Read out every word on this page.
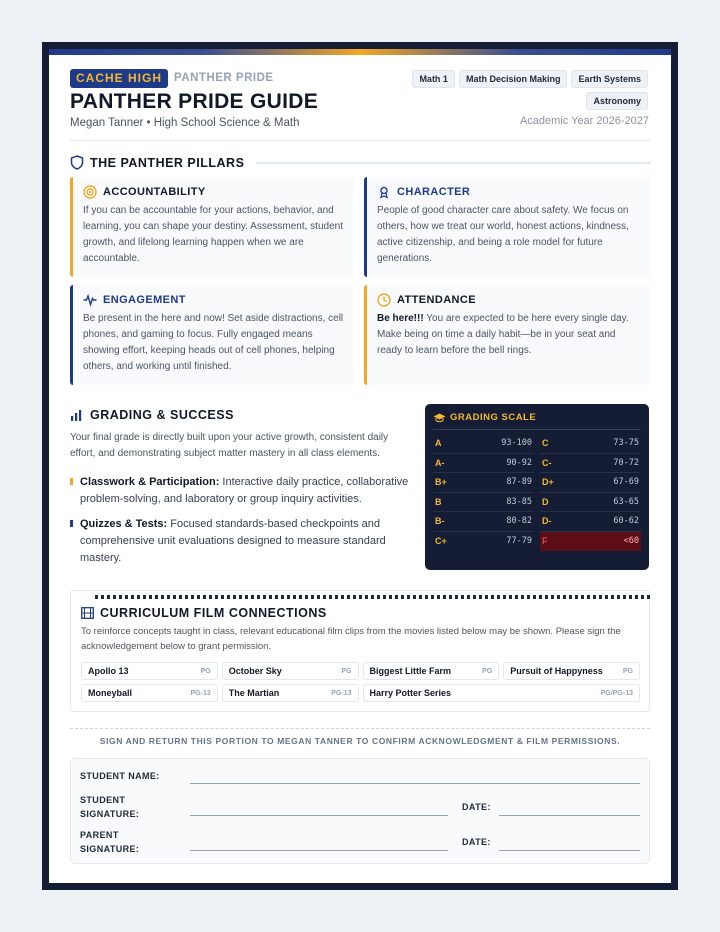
CACHE HIGH	PANTHER PRIDE
PANTHER PRIDE GUIDE
Megan Tanner • High School Science & Math
Math 1	Math Decision Making	Earth Systems
Astronomy
Academic Year 2026-2027
THE PANTHER PILLARS
ACCOUNTABILITY

If you can be accountable for your actions, behavior, and learning, you can shape your destiny. Assessment, student growth, and lifelong learning happen when we are accountable.

CHARACTER

People of good character care about safety. We focus on others, how we treat our world, honest actions, kindness, active citizenship, and being a role model for future generations.

ENGAGEMENT

Be present in the here and now! Set aside distractions, cell phones, and gaming to focus. Fully engaged means showing effort, keeping heads out of cell phones, helping others, and working until finished.

ATTENDANCE

Be here!!! You are expected to be here every single day. Make being on time a daily habit—be in your seat and ready to learn before the bell rings.

GRADING & SUCCESS
Your final grade is directly built upon your active growth, consistent daily effort, and demonstrating subject matter mastery in all class elements.
Classwork & Participation: Interactive daily practice, collaborative problem-solving, and laboratory or group inquiry activities.
Quizzes & Tests: Focused standards-based checkpoints and comprehensive unit evaluations designed to measure standard mastery.
GRADING SCALE
A	93-100
A-	90-92
B+	87-89
B	83-85
B-	80-82
C+	77-79
C	73-75
C-	70-72
D+	67-69
D	63-65
D-	60-62
F	<60
CURRICULUM FILM CONNECTIONS
To reinforce concepts taught in class, relevant educational film clips from the movies listed below may be shown. Please sign the acknowledgement below to grant permission.
Apollo 13	PG October Sky	PG Biggest Little Farm	PG Pursuit of Happyness	PG
Moneyball	PG-13 The Martian	PG-13 Harry Potter Series	PG/PG-13
SIGN AND RETURN THIS PORTION TO MEGAN TANNER TO CONFIRM ACKNOWLEDGMENT & FILM PERMISSIONS.
STUDENT NAME:
STUDENT
SIGNATURE:
DATE:
PARENT
SIGNATURE:
DATE:
